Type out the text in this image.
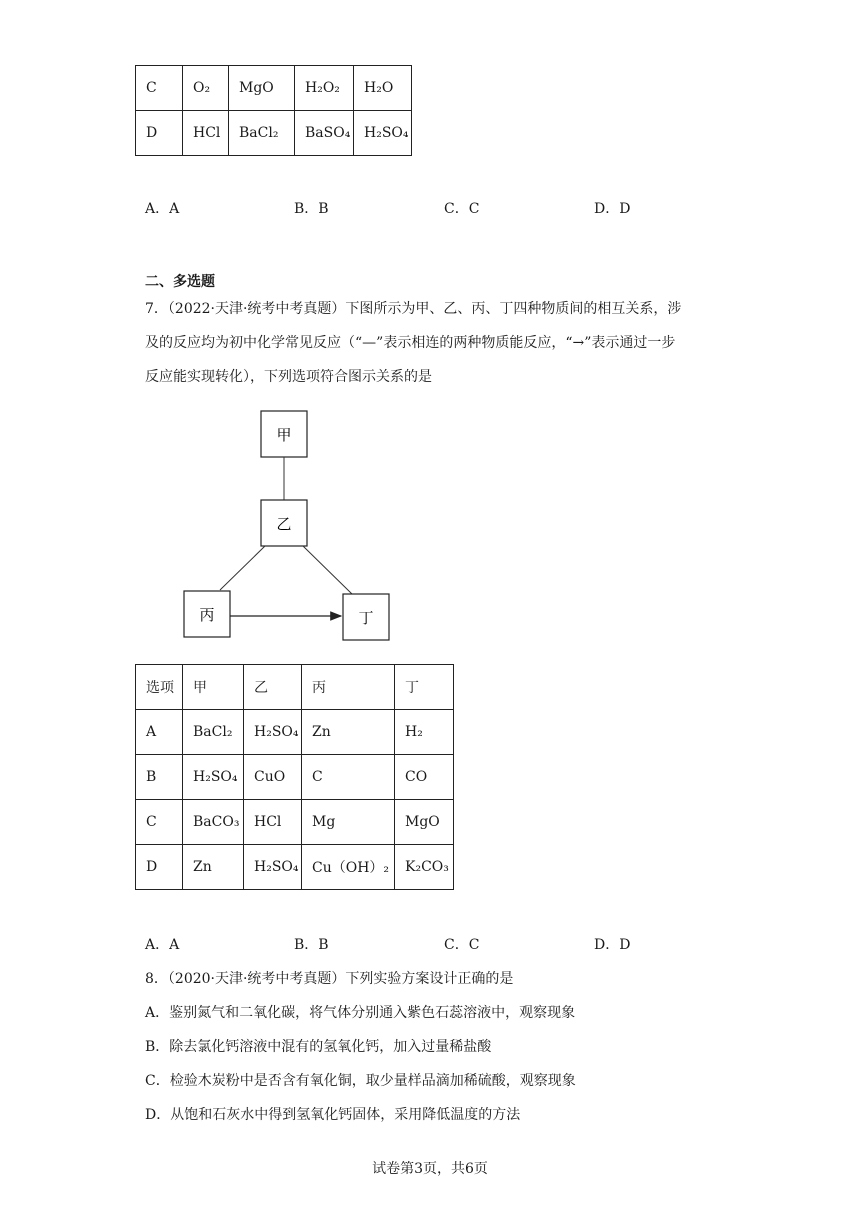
C	O₂	MgO	H₂O₂	H₂O
D	HCl	BaCl₂	BaSO₄	H₂SO₄
A．A	B．B	C．C	D．D
二、多选题
7．（2022·天津·统考中考真题）下图所示为甲、乙、丙、丁四种物质间的相互关系，涉
及的反应均为初中化学常见反应（“—”表示相连的两种物质能反应，“→”表示通过一步
反应能实现转化），下列选项符合图示关系的是
甲
乙
丙	丁
选项	甲	乙	丙	丁
A	BaCl₂	H₂SO₄	Zn	H₂
B	H₂SO₄	CuO	C	CO
C	BaCO₃	HCl	Mg	MgO
D	Zn	H₂SO₄	Cu（OH）₂	K₂CO₃
A．A	B．B	C．C	D．D
8．（2020·天津·统考中考真题）下列实验方案设计正确的是
A．鉴别氮气和二氧化碳，将气体分别通入紫色石蕊溶液中，观察现象
B．除去氯化钙溶液中混有的氢氧化钙，加入过量稀盐酸
C．检验木炭粉中是否含有氧化铜，取少量样品滴加稀硫酸，观察现象
D．从饱和石灰水中得到氢氧化钙固体，采用降低温度的方法
试卷第3页，共6页
